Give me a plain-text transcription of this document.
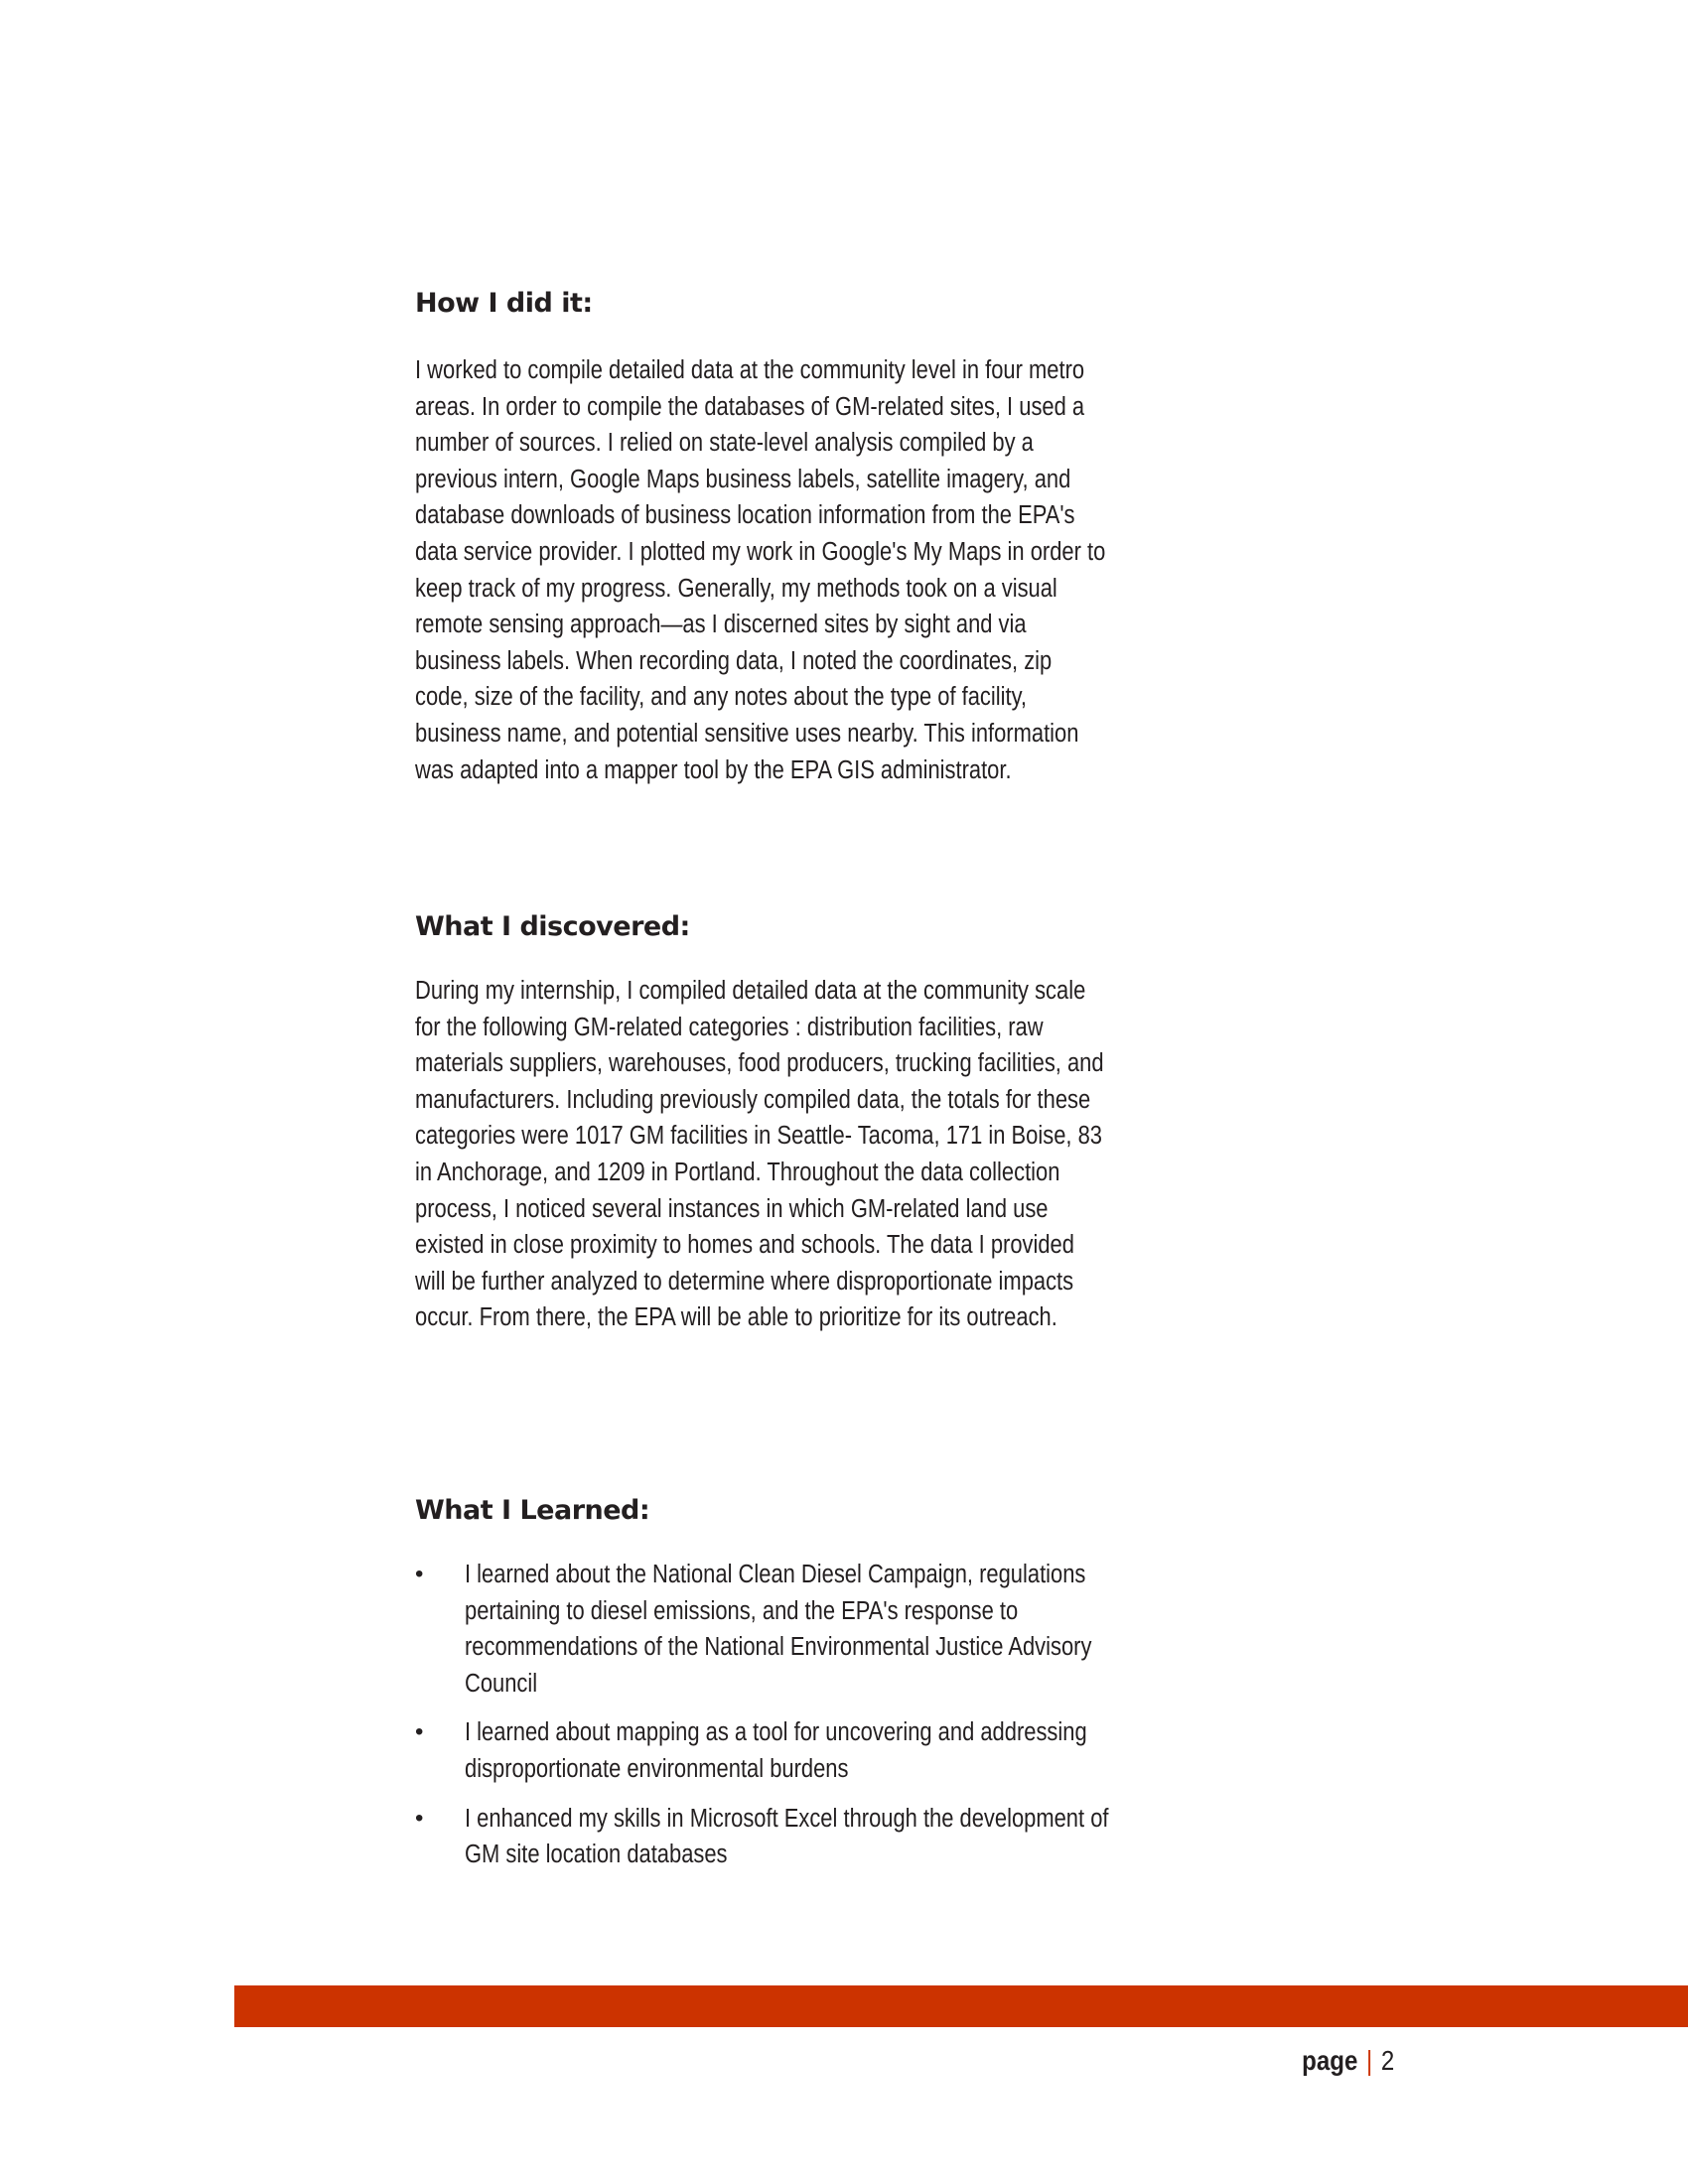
How I did it:

I worked to compile detailed data at the community level in four metro areas. In order to compile the databases of GM-related sites, I used a number of sources. I relied on state-level analysis compiled by a previous intern, Google Maps business labels, satellite imagery, and database downloads of business location information from the EPA's data service provider. I plotted my work in Google's My Maps in order to keep track of my progress. Generally, my methods took on a visual remote sensing approach—as I discerned sites by sight and via business labels. When recording data, I noted the coordinates, zip code, size of the facility, and any notes about the type of facility, business name, and potential sensitive uses nearby. This information was adapted into a mapper tool by the EPA GIS administrator.

What I discovered:

During my internship, I compiled detailed data at the community scale for the following GM-related categories : distribution facilities, raw materials suppliers, warehouses, food producers, trucking facilities, and manufacturers. Including previously compiled data, the totals for these categories were 1017 GM facilities in Seattle- Tacoma, 171 in Boise, 83 in Anchorage, and 1209 in Portland. Throughout the data collection process, I noticed several instances in which GM-related land use existed in close proximity to homes and schools. The data I provided will be further analyzed to determine where disproportionate impacts occur. From there, the EPA will be able to prioritize for its outreach.

What I Learned:
• I learned about the National Clean Diesel Campaign, regulations pertaining to diesel emissions, and the EPA's response to recommendations of the National Environmental Justice Advisory Council
• I learned about mapping as a tool for uncovering and addressing disproportionate environmental burdens
• I enhanced my skills in Microsoft Excel through the development of GM site location databases
page | 2
